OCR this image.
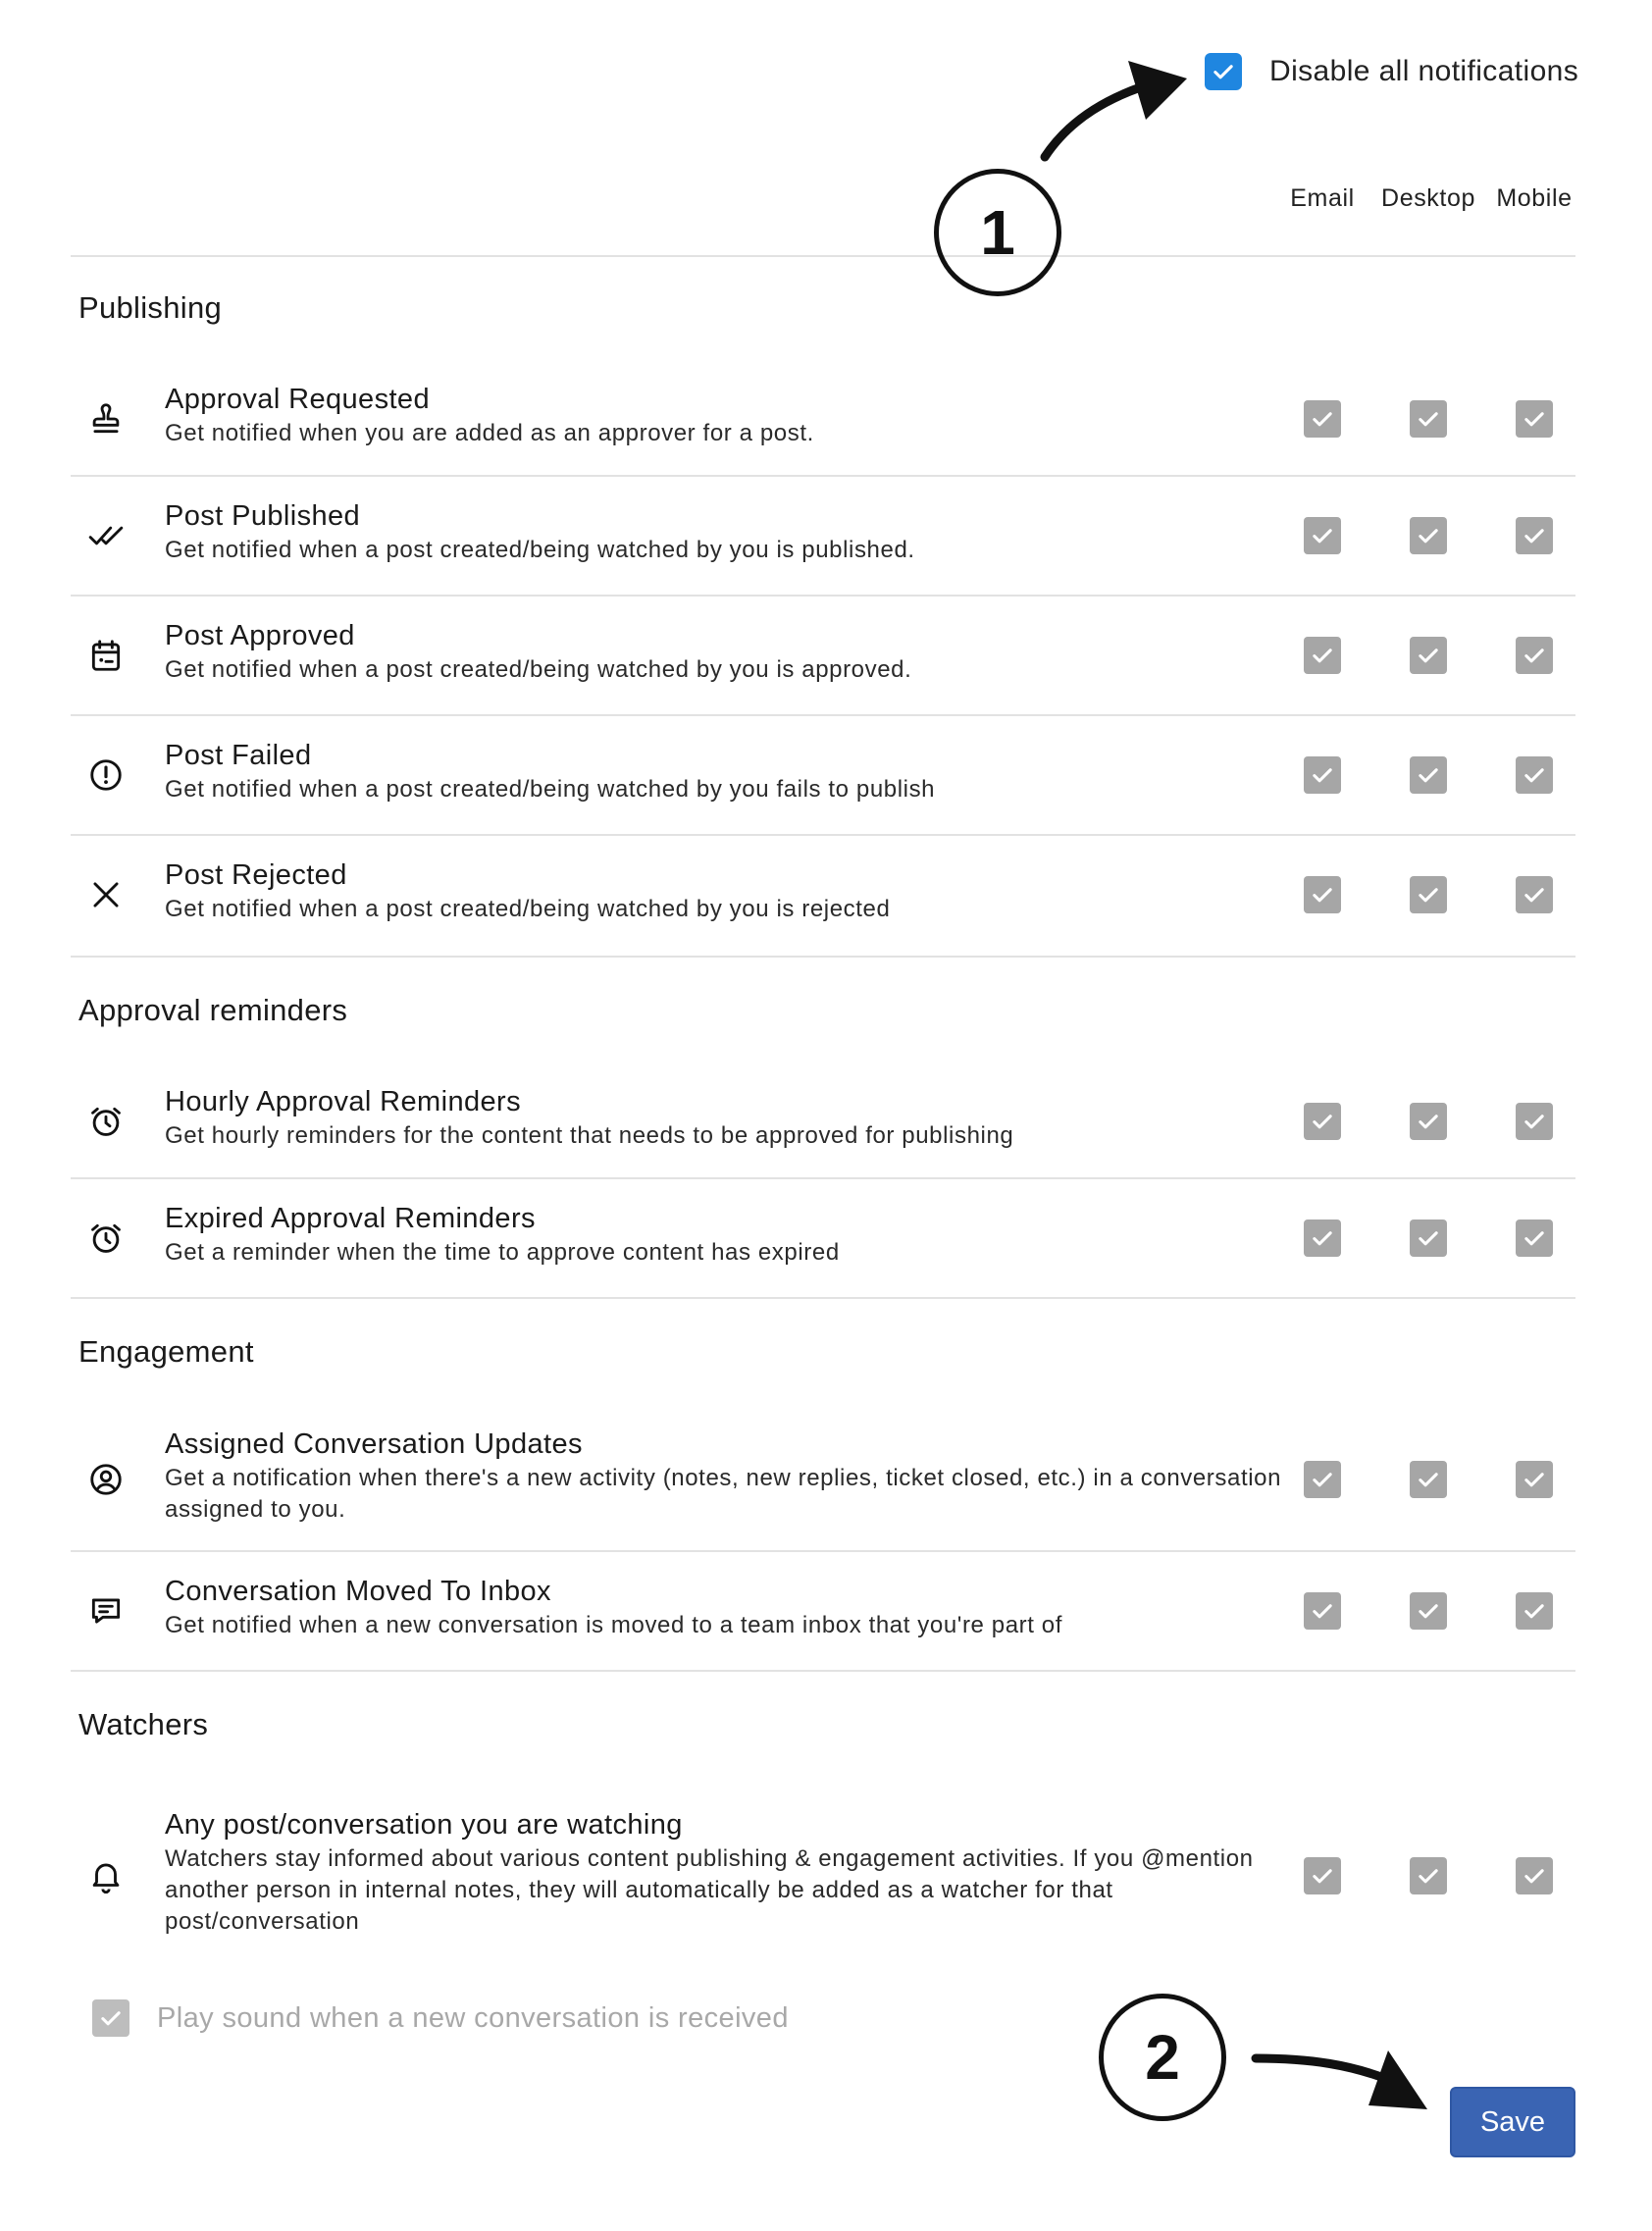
Disable all notifications
Email Desktop Mobile
Publishing
Approval Requested
Get notified when you are added as an approver for a post.
Post Published
Get notified when a post created/being watched by you is published.
Post Approved
Get notified when a post created/being watched by you is approved.
Post Failed
Get notified when a post created/being watched by you fails to publish
Post Rejected
Get notified when a post created/being watched by you is rejected
Approval reminders
Hourly Approval Reminders
Get hourly reminders for the content that needs to be approved for publishing
Expired Approval Reminders
Get a reminder when the time to approve content has expired
Engagement
Assigned Conversation Updates
Get a notification when there's a new activity (notes, new replies, ticket closed, etc.) in a conversation assigned to you.
Conversation Moved To Inbox
Get notified when a new conversation is moved to a team inbox that you're part of
Watchers
Any post/conversation you are watching
Watchers stay informed about various content publishing & engagement activities. If you @mention another person in internal notes, they will automatically be added as a watcher for that post/conversation
Play sound when a new conversation is received
Save
1
2
